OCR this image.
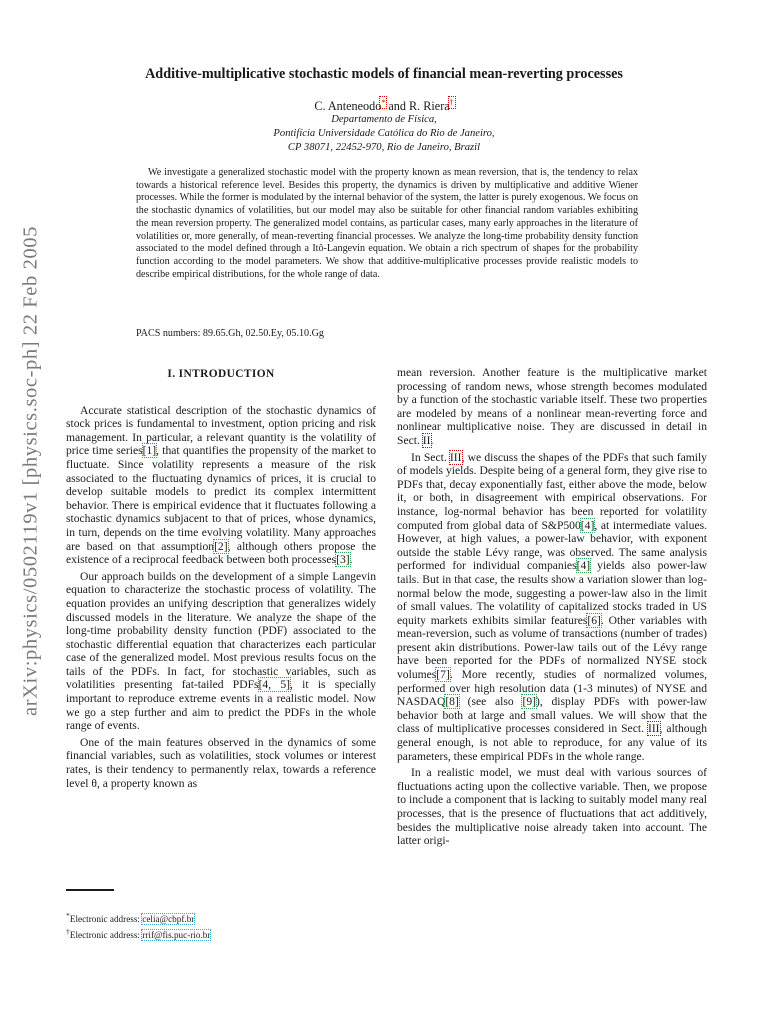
arXiv:physics/0502119v1 [physics.soc-ph] 22 Feb 2005
Additive-multiplicative stochastic models of financial mean-reverting processes
C. Anteneodo* and R. Riera†
Departamento de Física,
Pontifícia Universidade Católica do Rio de Janeiro,
CP 38071, 22452-970, Rio de Janeiro, Brazil
We investigate a generalized stochastic model with the property known as mean reversion, that is, the tendency to relax towards a historical reference level. Besides this property, the dynamics is driven by multiplicative and additive Wiener processes. While the former is modulated by the internal behavior of the system, the latter is purely exogenous. We focus on the stochastic dynamics of volatilities, but our model may also be suitable for other financial random variables exhibiting the mean reversion property. The generalized model contains, as particular cases, many early approaches in the literature of volatilities or, more generally, of mean-reverting financial processes. We analyze the long-time probability density function associated to the model defined through a Itô-Langevin equation. We obtain a rich spectrum of shapes for the probability function according to the model parameters. We show that additive-multiplicative processes provide realistic models to describe empirical distributions, for the whole range of data.
PACS numbers: 89.65.Gh, 02.50.Ey, 05.10.Gg
I. INTRODUCTION

Accurate statistical description of the stochastic dynamics of stock prices is fundamental to investment, option pricing and risk management. In particular, a relevant quantity is the volatility of price time series[1], that quantifies the propensity of the market to fluctuate. Since volatility represents a measure of the risk associated to the fluctuating dynamics of prices, it is crucial to develop suitable models to predict its complex intermittent behavior. There is empirical evidence that it fluctuates following a stochastic dynamics subjacent to that of prices, whose dynamics, in turn, depends on the time evolving volatility. Many approaches are based on that assumption[2], although others propose the existence of a reciprocal feedback between both processes[3].

Our approach builds on the development of a simple Langevin equation to characterize the stochastic process of volatility. The equation provides an unifying description that generalizes widely discussed models in the literature. We analyze the shape of the long-time probability density function (PDF) associated to the stochastic differential equation that characterizes each particular case of the generalized model. Most previous results focus on the tails of the PDFs. In fact, for stochastic variables, such as volatilities presenting fat-tailed PDFs[4, 5], it is specially important to reproduce extreme events in a realistic model. Now we go a step further and aim to predict the PDFs in the whole range of events.

One of the main features observed in the dynamics of some financial variables, such as volatilities, stock volumes or interest rates, is their tendency to permanently relax, towards a reference level θ, a property known as

mean reversion. Another feature is the multiplicative market processing of random news, whose strength becomes modulated by a function of the stochastic variable itself. These two properties are modeled by means of a nonlinear mean-reverting force and nonlinear multiplicative noise. They are discussed in detail in Sect. II.

In Sect. III, we discuss the shapes of the PDFs that such family of models yields. Despite being of a general form, they give rise to PDFs that, decay exponentially fast, either above the mode, below it, or both, in disagreement with empirical observations. For instance, log-normal behavior has been reported for volatility computed from global data of S&P500[4], at intermediate values. However, at high values, a power-law behavior, with exponent outside the stable Lévy range, was observed. The same analysis performed for individual companies[4] yields also power-law tails. But in that case, the results show a variation slower than log-normal below the mode, suggesting a power-law also in the limit of small values. The volatility of capitalized stocks traded in US equity markets exhibits similar features[6]. Other variables with mean-reversion, such as volume of transactions (number of trades) present akin distributions. Power-law tails out of the Lévy range have been reported for the PDFs of normalized NYSE stock volumes[7]. More recently, studies of normalized volumes, performed over high resolution data (1-3 minutes) of NYSE and NASDAQ[8] (see also [9]), display PDFs with power-law behavior both at large and small values. We will show that the class of multiplicative processes considered in Sect. III, although general enough, is not able to reproduce, for any value of its parameters, these empirical PDFs in the whole range.

In a realistic model, we must deal with various sources of fluctuations acting upon the collective variable. Then, we propose to include a component that is lacking to suitably model many real processes, that is the presence of fluctuations that act additively, besides the multiplicative noise already taken into account. The latter origi-

*Electronic address: celia@cbpf.br
†Electronic address: rrif@fis.puc-rio.br
